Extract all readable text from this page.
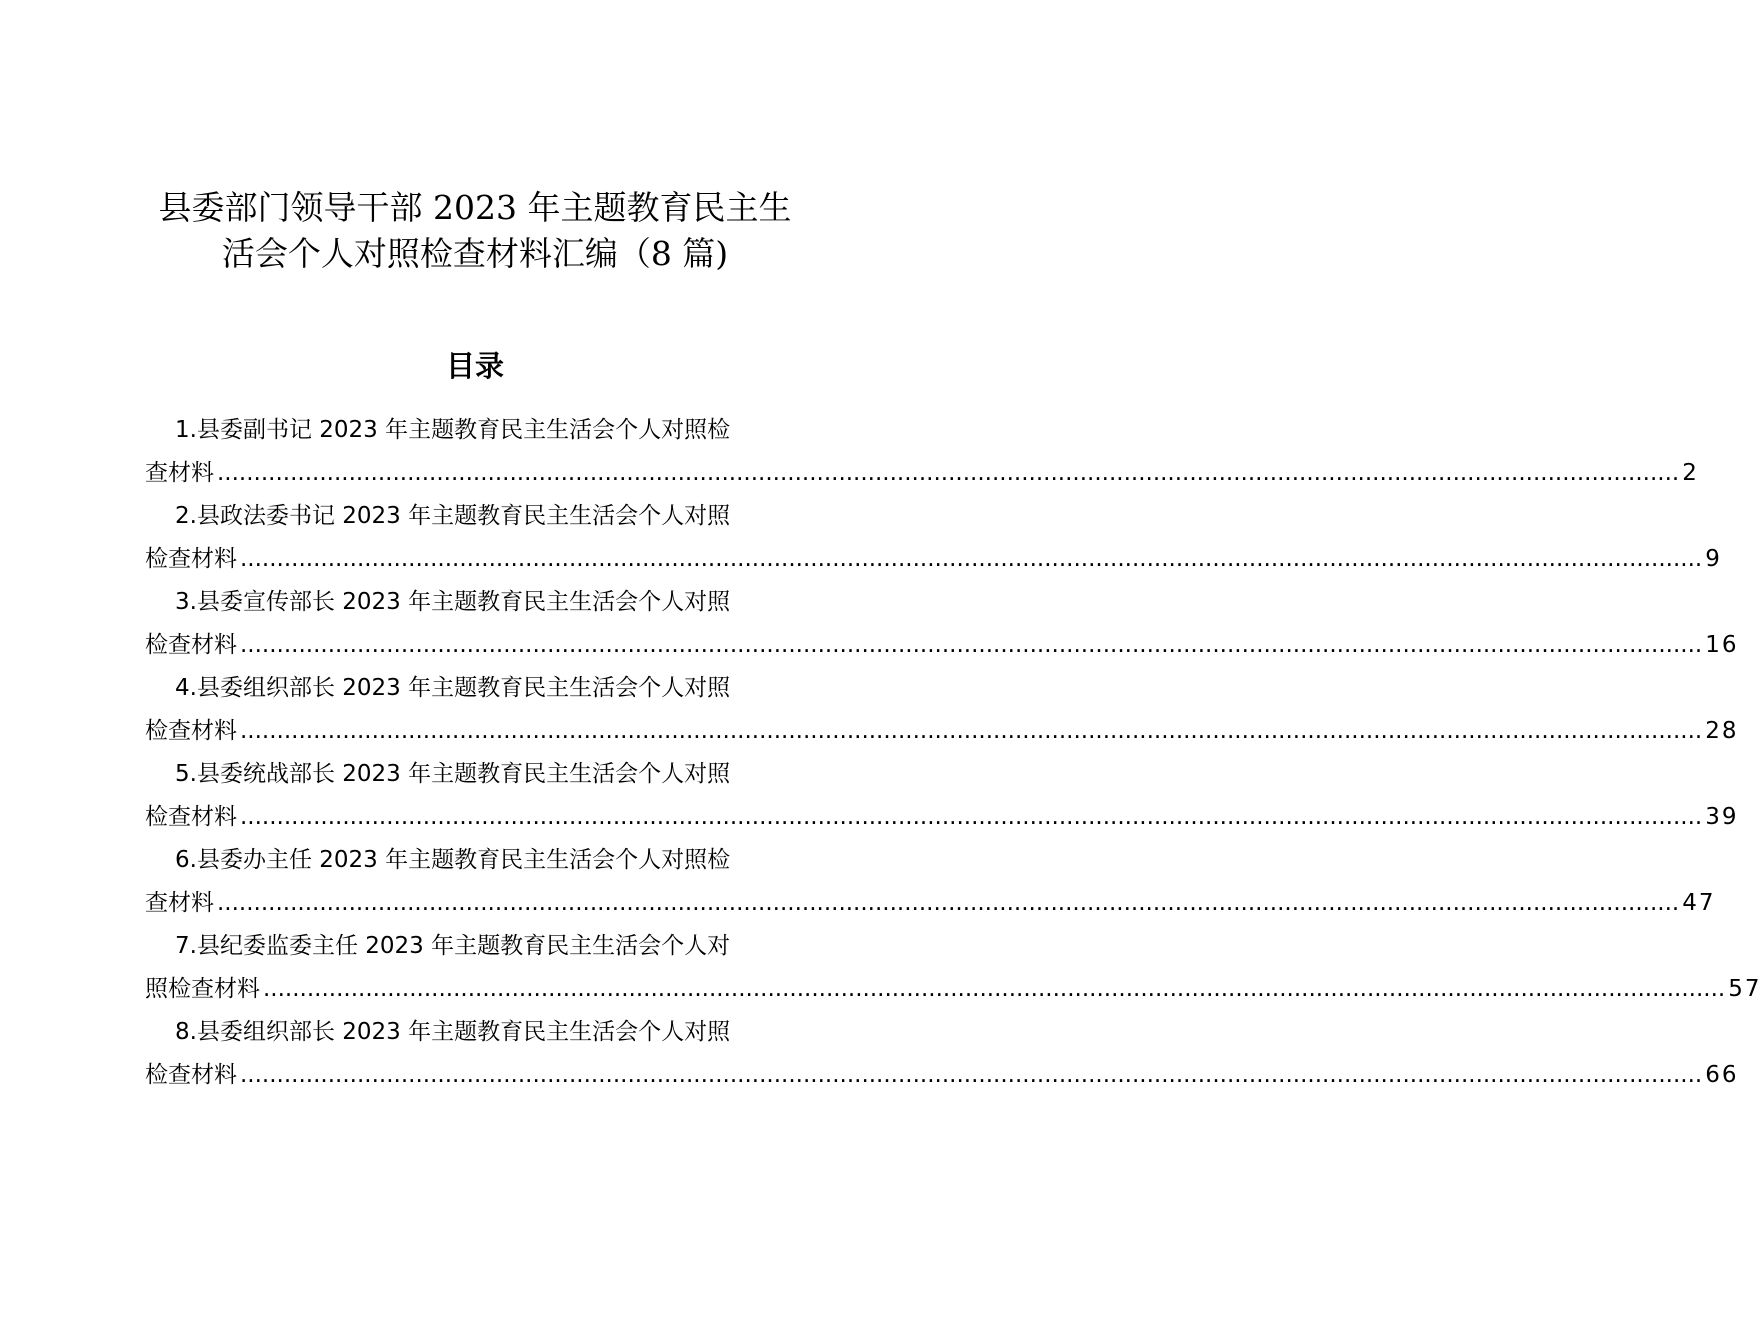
县委部门领导干部 2023 年主题教育民主生
活会个人对照检查材料汇编（8 篇)
目录
1.县委副书记 2023 年主题教育民主生活会个人对照检
查材料 ........................................................................................................................................................................................................ 2
2.县政法委书记 2023 年主题教育民主生活会个人对照
检查材料 ........................................................................................................................................................................................................ 9
3.县委宣传部长 2023 年主题教育民主生活会个人对照
检查材料 ........................................................................................................................................................................................................ 16
4.县委组织部长 2023 年主题教育民主生活会个人对照
检查材料 ........................................................................................................................................................................................................ 28
5.县委统战部长 2023 年主题教育民主生活会个人对照
检查材料 ........................................................................................................................................................................................................ 39
6.县委办主任 2023 年主题教育民主生活会个人对照检
查材料 ........................................................................................................................................................................................................ 47
7.县纪委监委主任 2023 年主题教育民主生活会个人对
照检查材料 ........................................................................................................................................................................................................ 57
8.县委组织部长 2023 年主题教育民主生活会个人对照
检查材料 ........................................................................................................................................................................................................ 66
